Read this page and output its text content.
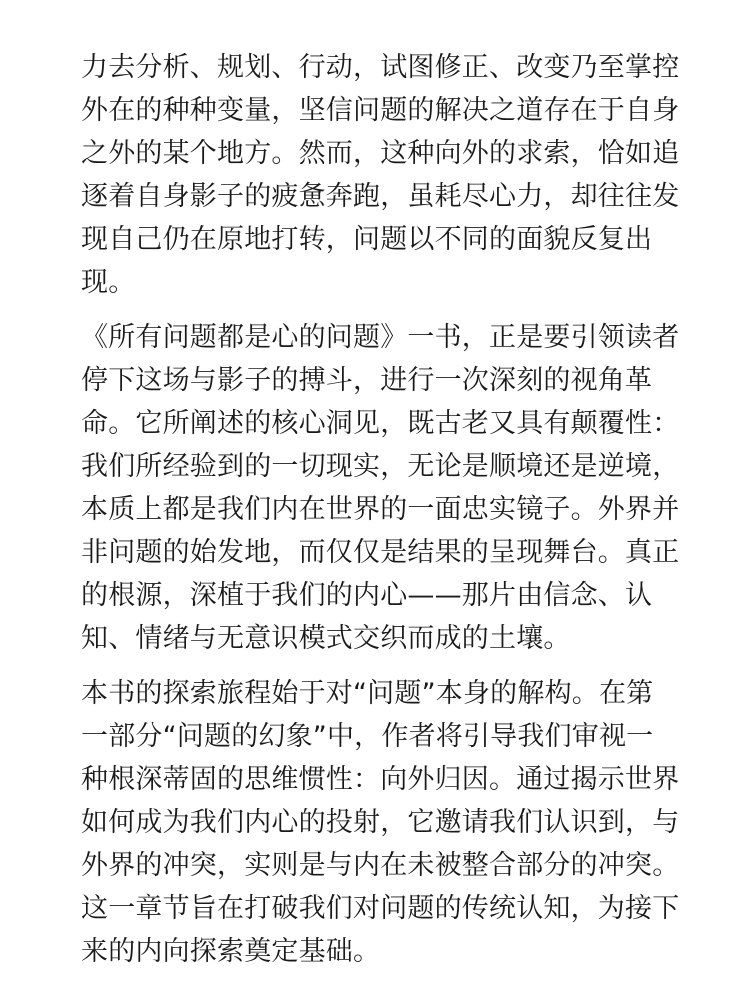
力去分析、规划、行动，试图修正、改变乃至掌控
外在的种种变量，坚信问题的解决之道存在于自身
之外的某个地方。然而，这种向外的求索，恰如追
逐着自身影子的疲惫奔跑，虽耗尽心力，却往往发
现自己仍在原地打转，问题以不同的面貌反复出
现。

《所有问题都是心的问题》一书，正是要引领读者
停下这场与影子的搏斗，进行一次深刻的视角革
命。它所阐述的核心洞见，既古老又具有颠覆性：
我们所经验到的一切现实，无论是顺境还是逆境，
本质上都是我们内在世界的一面忠实镜子。外界并
非问题的始发地，而仅仅是结果的呈现舞台。真正
的根源，深植于我们的内心——那片由信念、认
知、情绪与无意识模式交织而成的土壤。

本书的探索旅程始于对“问题”本身的解构。在第
一部分“问题的幻象”中，作者将引导我们审视一
种根深蒂固的思维惯性：向外归因。通过揭示世界
如何成为我们内心的投射，它邀请我们认识到，与
外界的冲突，实则是与内在未被整合部分的冲突。
这一章节旨在打破我们对问题的传统认知，为接下
来的内向探索奠定基础。
